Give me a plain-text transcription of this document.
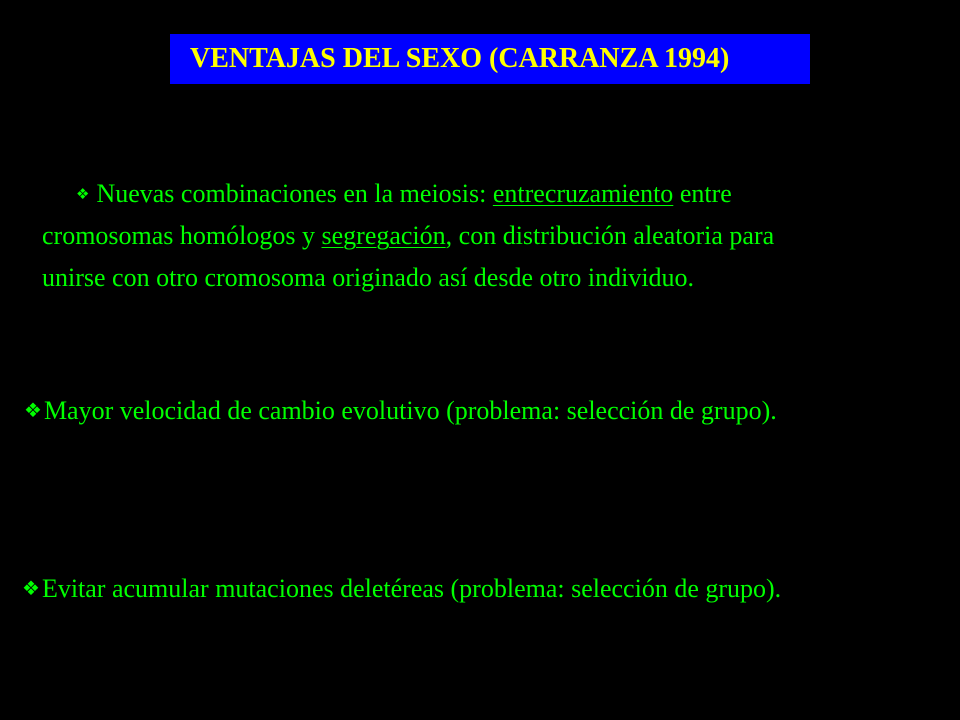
VENTAJAS DEL SEXO (CARRANZA 1994)
❖ Nuevas combinaciones en la meiosis: entrecruzamiento entre
cromosomas homólogos y segregación, con distribución aleatoria para
unirse con otro cromosoma originado así desde otro individuo.
❖Mayor velocidad de cambio evolutivo (problema: selección de grupo).
❖Evitar acumular mutaciones deletéreas (problema: selección de grupo).
